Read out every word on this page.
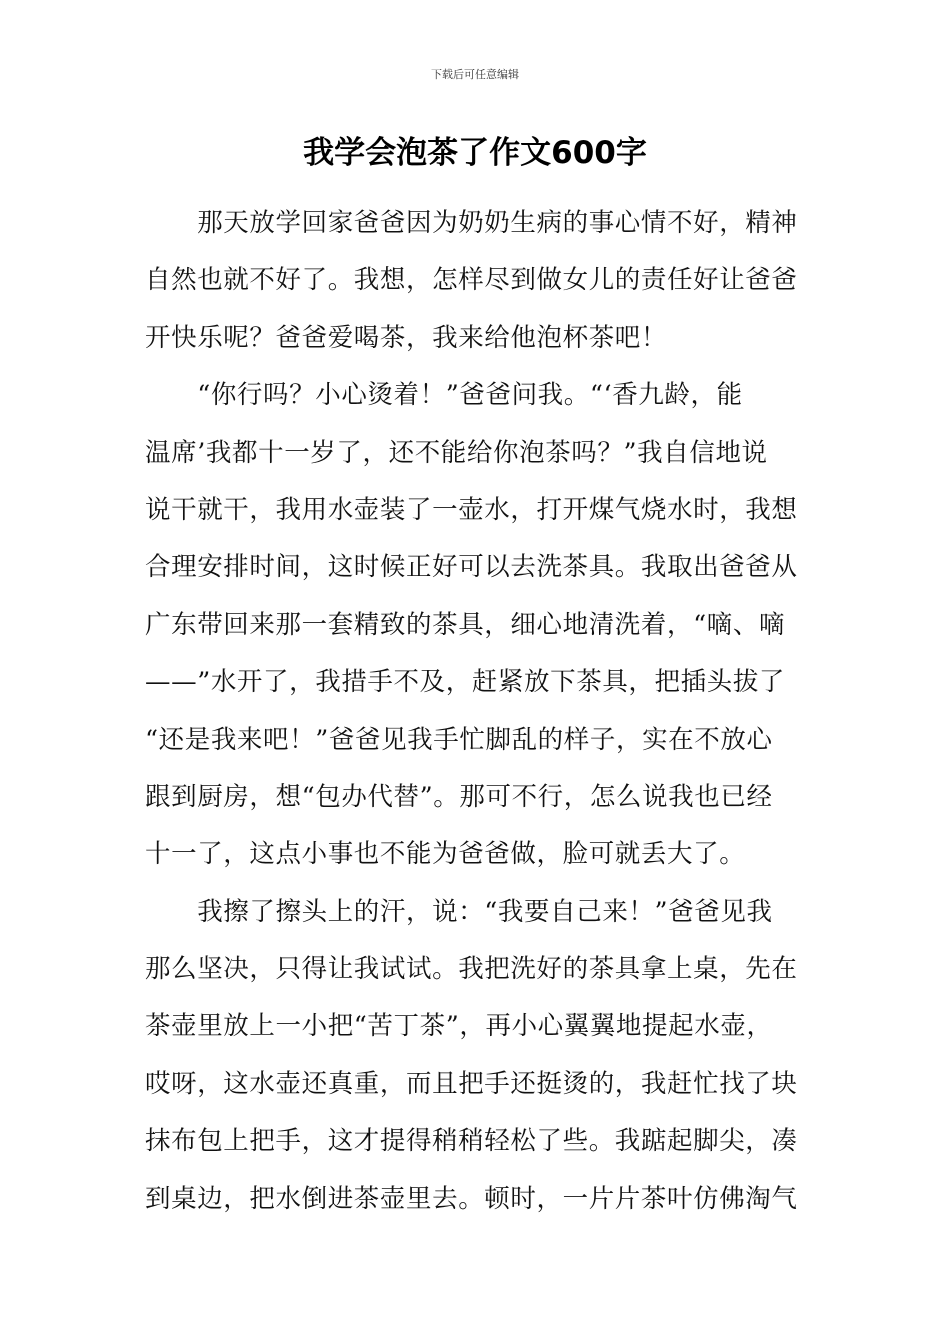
下载后可任意编辑
我学会泡茶了作文600字
　　那天放学回家爸爸因为奶奶生病的事心情不好，精神
自然也就不好了。我想，怎样尽到做女儿的责任好让爸爸
开快乐呢？爸爸爱喝茶，我来给他泡杯茶吧！
　　“你行吗？小心烫着！”爸爸问我。“‘香九龄，能
温席’我都十一岁了，还不能给你泡茶吗？”我自信地说
说干就干，我用水壶装了一壶水，打开煤气烧水时，我想
合理安排时间，这时候正好可以去洗茶具。我取出爸爸从
广东带回来那一套精致的茶具，细心地清洗着，“嘀、嘀
——”水开了，我措手不及，赶紧放下茶具，把插头拔了
“还是我来吧！”爸爸见我手忙脚乱的样子，实在不放心
跟到厨房，想“包办代替”。那可不行，怎么说我也已经
十一了，这点小事也不能为爸爸做，脸可就丢大了。
　　我擦了擦头上的汗，说：“我要自己来！”爸爸见我
那么坚决，只得让我试试。我把洗好的茶具拿上桌，先在
茶壶里放上一小把“苦丁茶”，再小心翼翼地提起水壶，
哎呀，这水壶还真重，而且把手还挺烫的，我赶忙找了块
抹布包上把手，这才提得稍稍轻松了些。我踮起脚尖，凑
到桌边，把水倒进茶壶里去。顿时，一片片茶叶仿佛淘气
